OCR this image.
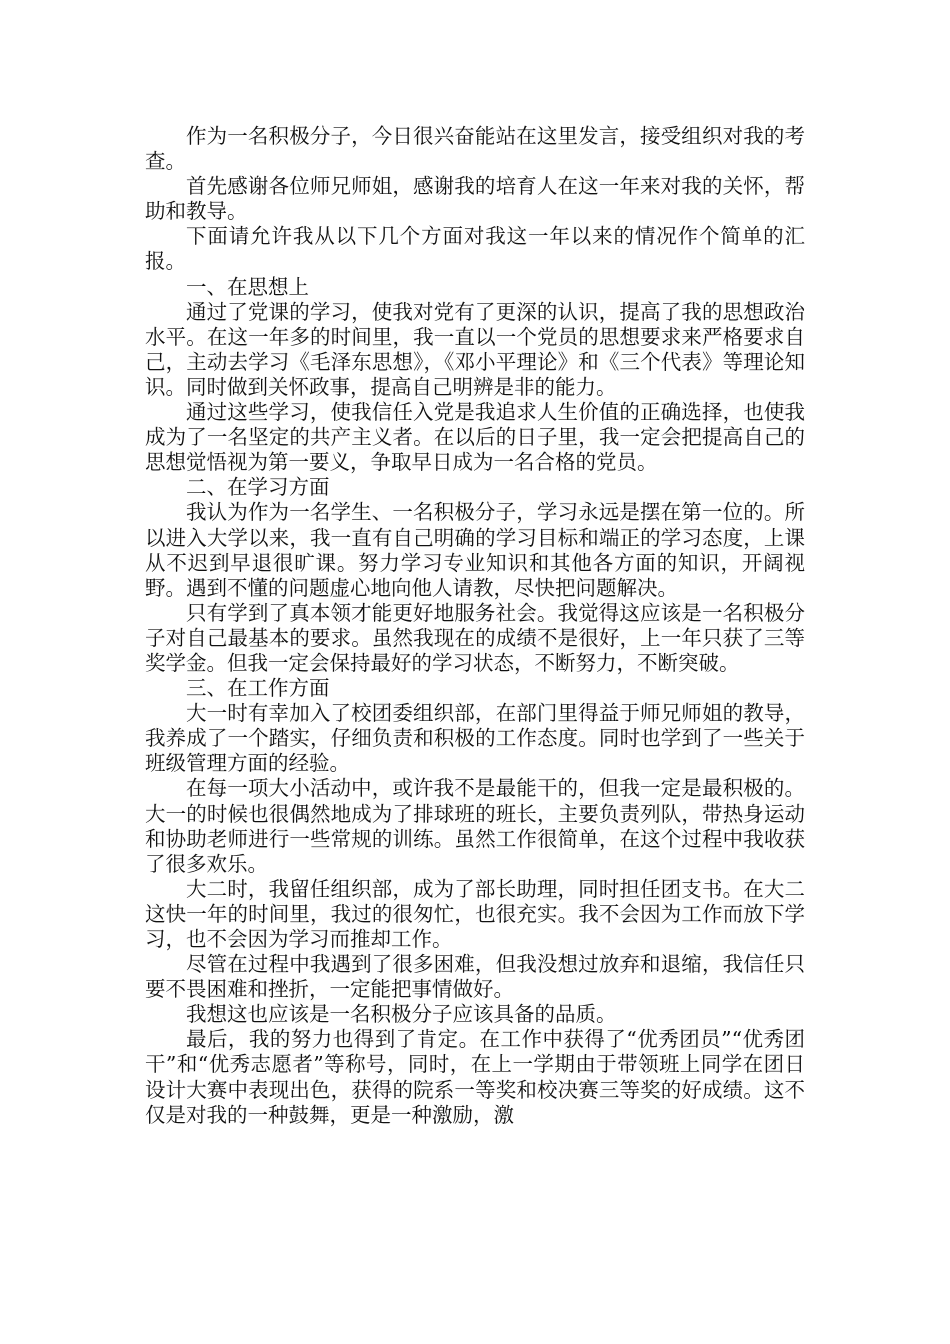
作为一名积极分子，今日很兴奋能站在这里发言，接受组织对我的考查。

首先感谢各位师兄师姐，感谢我的培育人在这一年来对我的关怀，帮助和教导。

下面请允许我从以下几个方面对我这一年以来的情况作个简单的汇报。

一、在思想上

通过了党课的学习，使我对党有了更深的认识，提高了我的思想政治水平。在这一年多的时间里，我一直以一个党员的思想要求来严格要求自己，主动去学习《毛泽东思想》，《邓小平理论》和《三个代表》等理论知识。同时做到关怀政事，提高自己明辨是非的能力。

通过这些学习，使我信任入党是我追求人生价值的正确选择，也使我成为了一名坚定的共产主义者。在以后的日子里，我一定会把提高自己的思想觉悟视为第一要义，争取早日成为一名合格的党员。

二、在学习方面

我认为作为一名学生、一名积极分子，学习永远是摆在第一位的。所以进入大学以来，我一直有自己明确的学习目标和端正的学习态度，上课从不迟到早退很旷课。努力学习专业知识和其他各方面的知识，开阔视野。遇到不懂的问题虚心地向他人请教，尽快把问题解决。

只有学到了真本领才能更好地服务社会。我觉得这应该是一名积极分子对自己最基本的要求。虽然我现在的成绩不是很好，上一年只获了三等奖学金。但我一定会保持最好的学习状态，不断努力，不断突破。

三、在工作方面

大一时有幸加入了校团委组织部，在部门里得益于师兄师姐的教导，我养成了一个踏实，仔细负责和积极的工作态度。同时也学到了一些关于班级管理方面的经验。

在每一项大小活动中，或许我不是最能干的，但我一定是最积极的。大一的时候也很偶然地成为了排球班的班长，主要负责列队，带热身运动和协助老师进行一些常规的训练。虽然工作很简单，在这个过程中我收获了很多欢乐。

大二时，我留任组织部，成为了部长助理，同时担任团支书。在大二这快一年的时间里，我过的很匆忙，也很充实。我不会因为工作而放下学习，也不会因为学习而推却工作。

尽管在过程中我遇到了很多困难，但我没想过放弃和退缩，我信任只要不畏困难和挫折，一定能把事情做好。

我想这也应该是一名积极分子应该具备的品质。

最后，我的努力也得到了肯定。在工作中获得了“优秀团员”“优秀团干”和“优秀志愿者”等称号，同时，在上一学期由于带领班上同学在团日设计大赛中表现出色，获得的院系一等奖和校决赛三等奖的好成绩。这不仅是对我的一种鼓舞，更是一种激励，激
